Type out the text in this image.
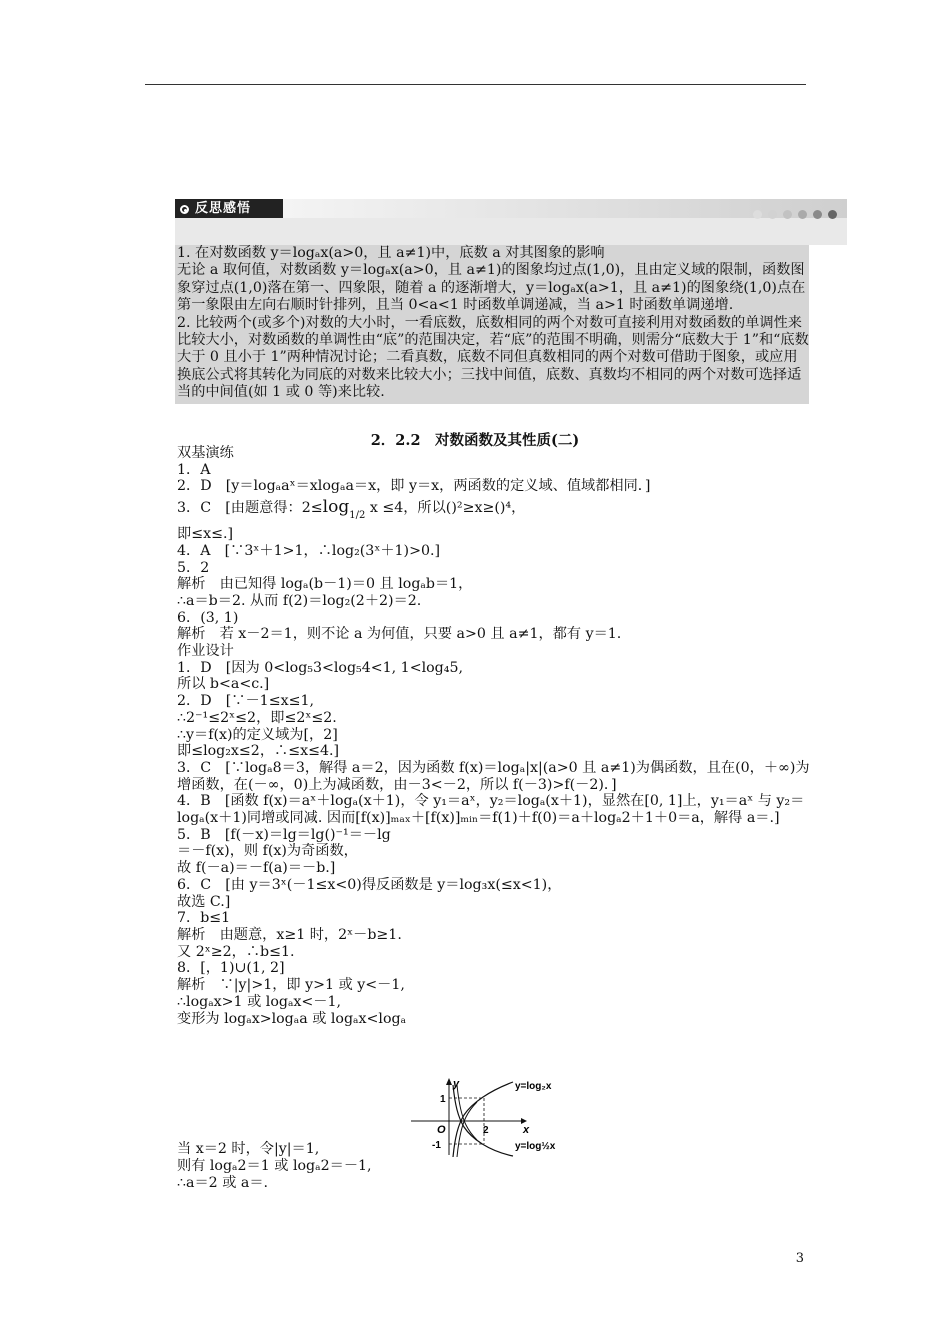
反思感悟

1. 在对数函数 y＝logₐx(a>0，且 a≠1)中，底数 a 对其图象的影响

无论 a 取何值，对数函数 y＝logₐx(a>0，且 a≠1)的图象均过点(1,0)，且由定义域的限制，函数图象穿过点(1,0)落在第一、四象限，随着 a 的逐渐增大，y＝logₐx(a>1，且 a≠1)的图象绕(1,0)点在第一象限由左向右顺时针排列，且当 0<a<1 时函数单调递减，当 a>1 时函数单调递增.

2. 比较两个(或多个)对数的大小时，一看底数，底数相同的两个对数可直接利用对数函数的单调性来比较大小，对数函数的单调性由“底”的范围决定，若“底”的范围不明确，则需分“底数大于 1”和“底数大于 0 且小于 1”两种情况讨论；二看真数，底数不同但真数相同的两个对数可借助于图象，或应用换底公式将其转化为同底的对数来比较大小；三找中间值，底数、真数均不相同的两个对数可选择适当的中间值(如 1 或 0 等)来比较.

2．2.2　对数函数及其性质(二)

双基演练

1．A

2．D　[y＝logₐaˣ＝xlogₐa＝x，即 y＝x，两函数的定义域、值域都相同．]

3．C　[由题意得：2≤log1/2 x ≤4，所以()²≥x≥()⁴，

即≤x≤.]

4．A　[∵3ˣ＋1>1，∴log₂(3ˣ＋1)>0.]

5．2

解析　由已知得 logₐ(b－1)＝0 且 logₐb＝1，

∴a＝b＝2. 从而 f(2)＝log₂(2＋2)＝2.

6．(3, 1)

解析　若 x－2＝1，则不论 a 为何值，只要 a>0 且 a≠1，都有 y＝1.

作业设计

1．D　[因为 0<log₅3<log₅4<1, 1<log₄5,

所以 b<a<c.]

2．D　[∵－1≤x≤1,

∴2⁻¹≤2ˣ≤2，即≤2ˣ≤2.

∴y＝f(x)的定义域为[，2]

即≤log₂x≤2，∴≤x≤4.]

3．C　[∵logₐ8＝3，解得 a＝2，因为函数 f(x)＝logₐ|x|(a>0 且 a≠1)为偶函数，且在(0，＋∞)为增函数，在(－∞，0)上为减函数，由－3<－2，所以 f(－3)>f(－2)．]

4．B　[函数 f(x)＝aˣ＋logₐ(x＋1)，令 y₁＝aˣ，y₂＝logₐ(x＋1)，显然在[0, 1]上，y₁＝aˣ 与 y₂＝logₐ(x＋1)同增或同减. 因而[f(x)]ₘₐₓ＋[f(x)]ₘᵢₙ＝f(1)＋f(0)＝a＋logₐ2＋1＋0＝a，解得 a＝.]

5．B　[f(－x)＝lg＝lg()⁻¹＝－lg

＝－f(x)，则 f(x)为奇函数，

故 f(－a)＝－f(a)＝－b.]

6．C　[由 y＝3ˣ(－1≤x<0)得反函数是 y＝log₃x(≤x<1)，

故选 C.]

7．b≤1

解析　由题意，x≥1 时，2ˣ－b≥1.

又 2ˣ≥2，∴b≤1.

8．[，1)∪(1, 2]

解析　∵|y|>1，即 y>1 或 y<－1,

∴logₐx>1 或 logₐx<－1,

变形为 logₐx>logₐa 或 logₐx<logₐ

当 x＝2 时，令|y|＝1,

则有 logₐ2＝1 或 logₐ2＝－1,

∴a＝2 或 a＝.

y
x
O
1
-1
2
y=log₂x
y=log½x
3
